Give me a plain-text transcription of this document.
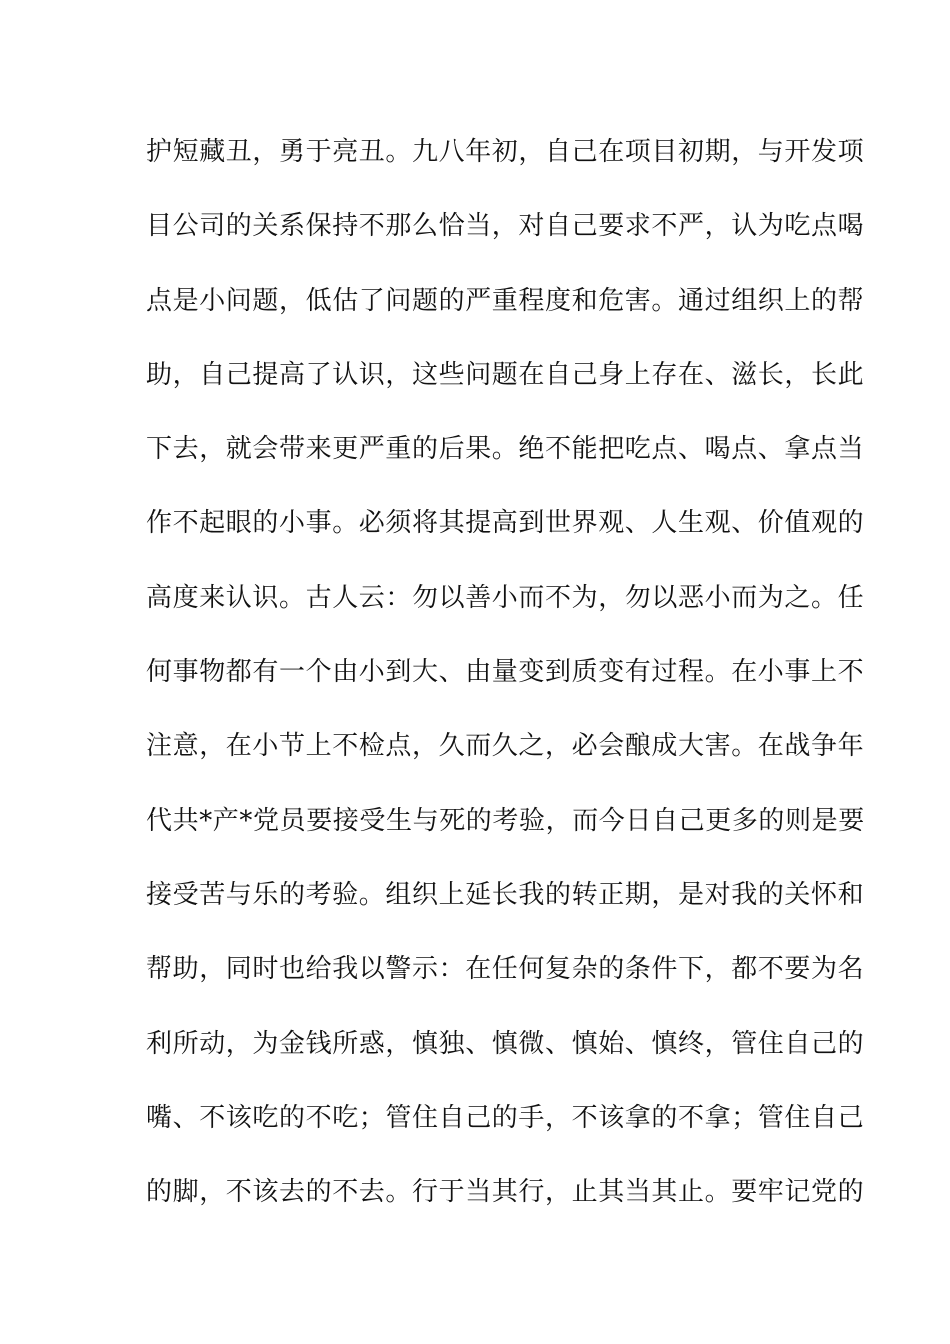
护短藏丑，勇于亮丑。九八年初，自己在项目初期，与开发项
目公司的关系保持不那么恰当，对自己要求不严，认为吃点喝
点是小问题，低估了问题的严重程度和危害。通过组织上的帮
助，自己提高了认识，这些问题在自己身上存在、滋长，长此
下去，就会带来更严重的后果。绝不能把吃点、喝点、拿点当
作不起眼的小事。必须将其提高到世界观、人生观、价值观的
高度来认识。古人云：勿以善小而不为，勿以恶小而为之。任
何事物都有一个由小到大、由量变到质变有过程。在小事上不
注意，在小节上不检点，久而久之，必会酿成大害。在战争年
代共*产*党员要接受生与死的考验，而今日自己更多的则是要
接受苦与乐的考验。组织上延长我的转正期，是对我的关怀和
帮助，同时也给我以警示：在任何复杂的条件下，都不要为名
利所动，为金钱所惑，慎独、慎微、慎始、慎终，管住自己的
嘴、不该吃的不吃；管住自己的手，不该拿的不拿；管住自己
的脚，不该去的不去。行于当其行，止其当其止。要牢记党的
